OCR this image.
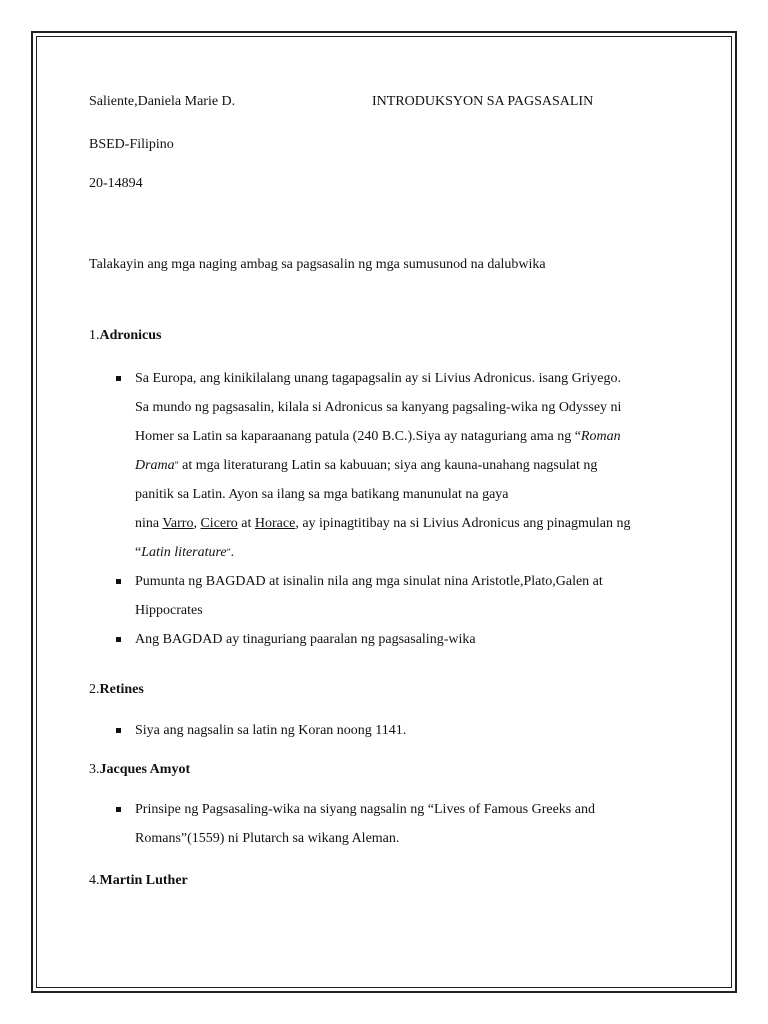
Saliente,Daniela Marie D.	INTRODUKSYON SA PAGSASALIN
BSED-Filipino
20-14894
Talakayin ang mga naging ambag sa pagsasalin ng mga sumusunod na dalubwika
1.Adronicus
Sa Europa, ang kinikilalang unang tagapagsalin ay si Livius Adronicus. isang Griyego.
Sa mundo ng pagsasalin, kilala si Adronicus sa kanyang pagsaling-wika ng Odyssey ni
Homer sa Latin sa kaparaanang patula (240 B.C.).Siya ay nataguriang ama ng “Roman
Drama” at mga literaturang Latin sa kabuuan; siya ang kauna-unahang nagsulat ng
panitik sa Latin. Ayon sa ilang sa mga batikang manunulat na gaya
nina Varro, Cicero at Horace, ay ipinagtitibay na si Livius Adronicus ang pinagmulan ng
“Latin literature”.
Pumunta ng BAGDAD at isinalin nila ang mga sinulat nina Aristotle,Plato,Galen at
Hippocrates
Ang BAGDAD ay tinaguriang paaralan ng pagsasaling-wika
2.Retines
Siya ang nagsalin sa latin ng Koran noong 1141.
3.Jacques Amyot
Prinsipe ng Pagsasaling-wika na siyang nagsalin ng “Lives of Famous Greeks and
Romans”(1559) ni Plutarch sa wikang Aleman.
4.Martin Luther
